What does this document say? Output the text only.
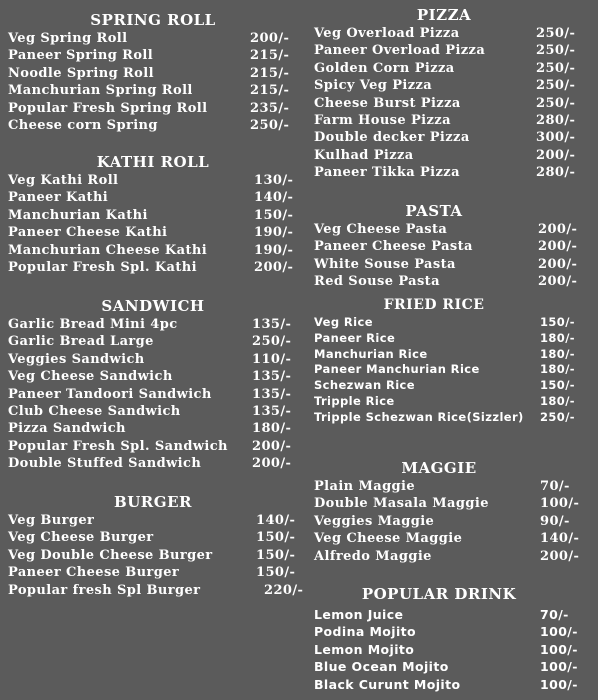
SPRING ROLL
Veg Spring Roll	200/-
Paneer Spring Roll	215/-
Noodle Spring Roll	215/-
Manchurian Spring Roll	215/-
Popular Fresh Spring Roll	235/-
Cheese corn Spring	250/-
KATHI ROLL
Veg Kathi Roll	130/-
Paneer Kathi	140/-
Manchurian Kathi	150/-
Paneer Cheese Kathi	190/-
Manchurian Cheese Kathi	190/-
Popular Fresh Spl. Kathi	200/-
SANDWICH
Garlic Bread Mini 4pc	135/-
Garlic Bread Large	250/-
Veggies Sandwich	110/-
Veg Cheese Sandwich	135/-
Paneer Tandoori Sandwich	135/-
Club Cheese Sandwich	135/-
Pizza Sandwich	180/-
Popular Fresh Spl. Sandwich 200/-
Double Stuffed Sandwich	200/-
BURGER
Veg Burger	140/-
Veg Cheese Burger	150/-
Veg Double Cheese Burger	150/-
Paneer Cheese Burger	150/-
Popular fresh Spl Burger	220/-
PIZZA
Veg Overload Pizza	250/-
Paneer Overload Pizza	250/-
Golden Corn Pizza	250/-
Spicy Veg Pizza	250/-
Cheese Burst Pizza	250/-
Farm House Pizza	280/-
Double decker Pizza	300/-
Kulhad Pizza	200/-
Paneer Tikka Pizza	280/-
PASTA
Veg Cheese Pasta	200/-
Paneer Cheese Pasta	200/-
White Souse Pasta	200/-
Red Souse Pasta	200/-
FRIED RICE
Veg Rice	150/-
Paneer Rice	180/-
Manchurian Rice	180/-
Paneer Manchurian Rice	180/-
Schezwan Rice	150/-
Tripple Rice	180/-
Tripple Schezwan Rice(Sizzler) 250/-
MAGGIE
Plain Maggie	70/-
Double Masala Maggie	100/-
Veggies Maggie	90/-
Veg Cheese Maggie	140/-
Alfredo Maggie	200/-
POPULAR DRINK
Lemon Juice	70/-
Podina Mojito	100/-
Lemon Mojito	100/-
Blue Ocean Mojito	100/-
Black Curunt Mojito	100/-
